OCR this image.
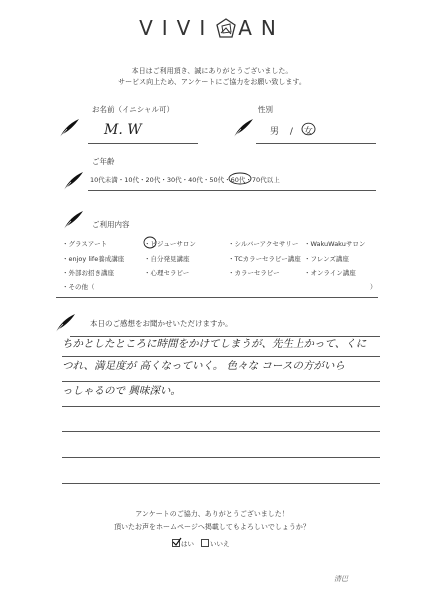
VIVI AN
本日はご利用頂き、誠にありがとうございました。
サービス向上ため、アンケートにご協力をお願い致します。
お名前（イニシャル可）
M. W
性別
男 / 女
ご年齢
10代未満・10代・20代・30代・40代・50代・60代
・70代以上
ご利用内容
・グラスアート	・ビジューサロン	・シルバーアクセサリー ・WakuWakuサロン
・enjoy life養成講座	・自分発見講座	・TCカラーセラピー講座 ・フレンズ講座
・外部お招き講座	・心理セラピー	・カラーセラピー	・オンライン講座
・その他（	）
本日のご感想をお聞かせいただけますか。
ちかとしたところに時間をかけてしまうが、先生上かって、くに
つれ、満足度が 高くなっていく。 色々な コースの方がいら
っしゃるので 興味深い。
アンケートのご協力、ありがとうございました！
頂いたお声をホームページへ掲載してもよろしいでしょうか？
はい	いいえ
清巴
